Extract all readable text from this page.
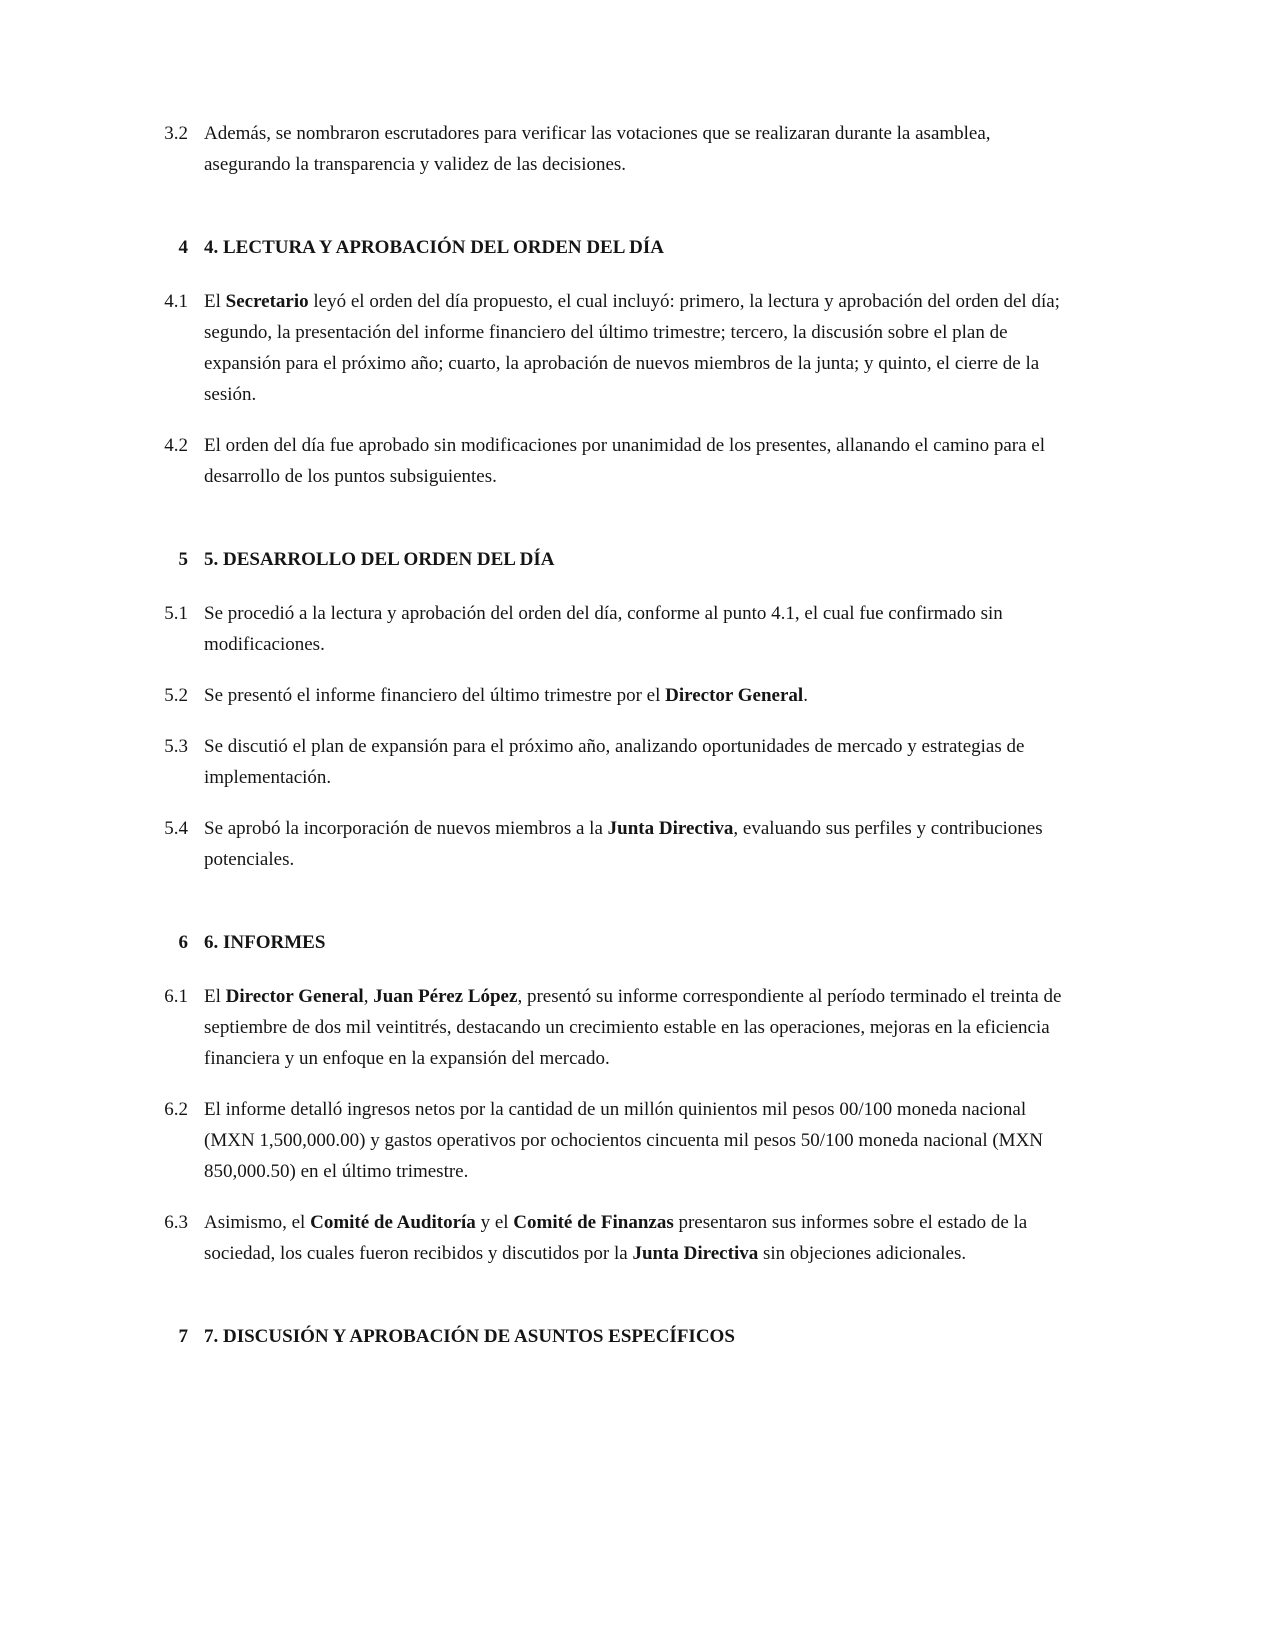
3.2 Además, se nombraron escrutadores para verificar las votaciones que se realizaran durante la asamblea, asegurando la transparencia y validez de las decisiones.
4 4. LECTURA Y APROBACIÓN DEL ORDEN DEL DÍA
4.1 El Secretario leyó el orden del día propuesto, el cual incluyó: primero, la lectura y aprobación del orden del día; segundo, la presentación del informe financiero del último trimestre; tercero, la discusión sobre el plan de expansión para el próximo año; cuarto, la aprobación de nuevos miembros de la junta; y quinto, el cierre de la sesión.
4.2 El orden del día fue aprobado sin modificaciones por unanimidad de los presentes, allanando el camino para el desarrollo de los puntos subsiguientes.
5 5. DESARROLLO DEL ORDEN DEL DÍA
5.1 Se procedió a la lectura y aprobación del orden del día, conforme al punto 4.1, el cual fue confirmado sin modificaciones.
5.2 Se presentó el informe financiero del último trimestre por el Director General.
5.3 Se discutió el plan de expansión para el próximo año, analizando oportunidades de mercado y estrategias de implementación.
5.4 Se aprobó la incorporación de nuevos miembros a la Junta Directiva, evaluando sus perfiles y contribuciones potenciales.
6 6. INFORMES
6.1 El Director General, Juan Pérez López, presentó su informe correspondiente al período terminado el treinta de septiembre de dos mil veintitrés, destacando un crecimiento estable en las operaciones, mejoras en la eficiencia financiera y un enfoque en la expansión del mercado.
6.2 El informe detalló ingresos netos por la cantidad de un millón quinientos mil pesos 00/100 moneda nacional (MXN 1,500,000.00) y gastos operativos por ochocientos cincuenta mil pesos 50/100 moneda nacional (MXN 850,000.50) en el último trimestre.
6.3 Asimismo, el Comité de Auditoría y el Comité de Finanzas presentaron sus informes sobre el estado de la sociedad, los cuales fueron recibidos y discutidos por la Junta Directiva sin objeciones adicionales.
7 7. DISCUSIÓN Y APROBACIÓN DE ASUNTOS ESPECÍFICOS
